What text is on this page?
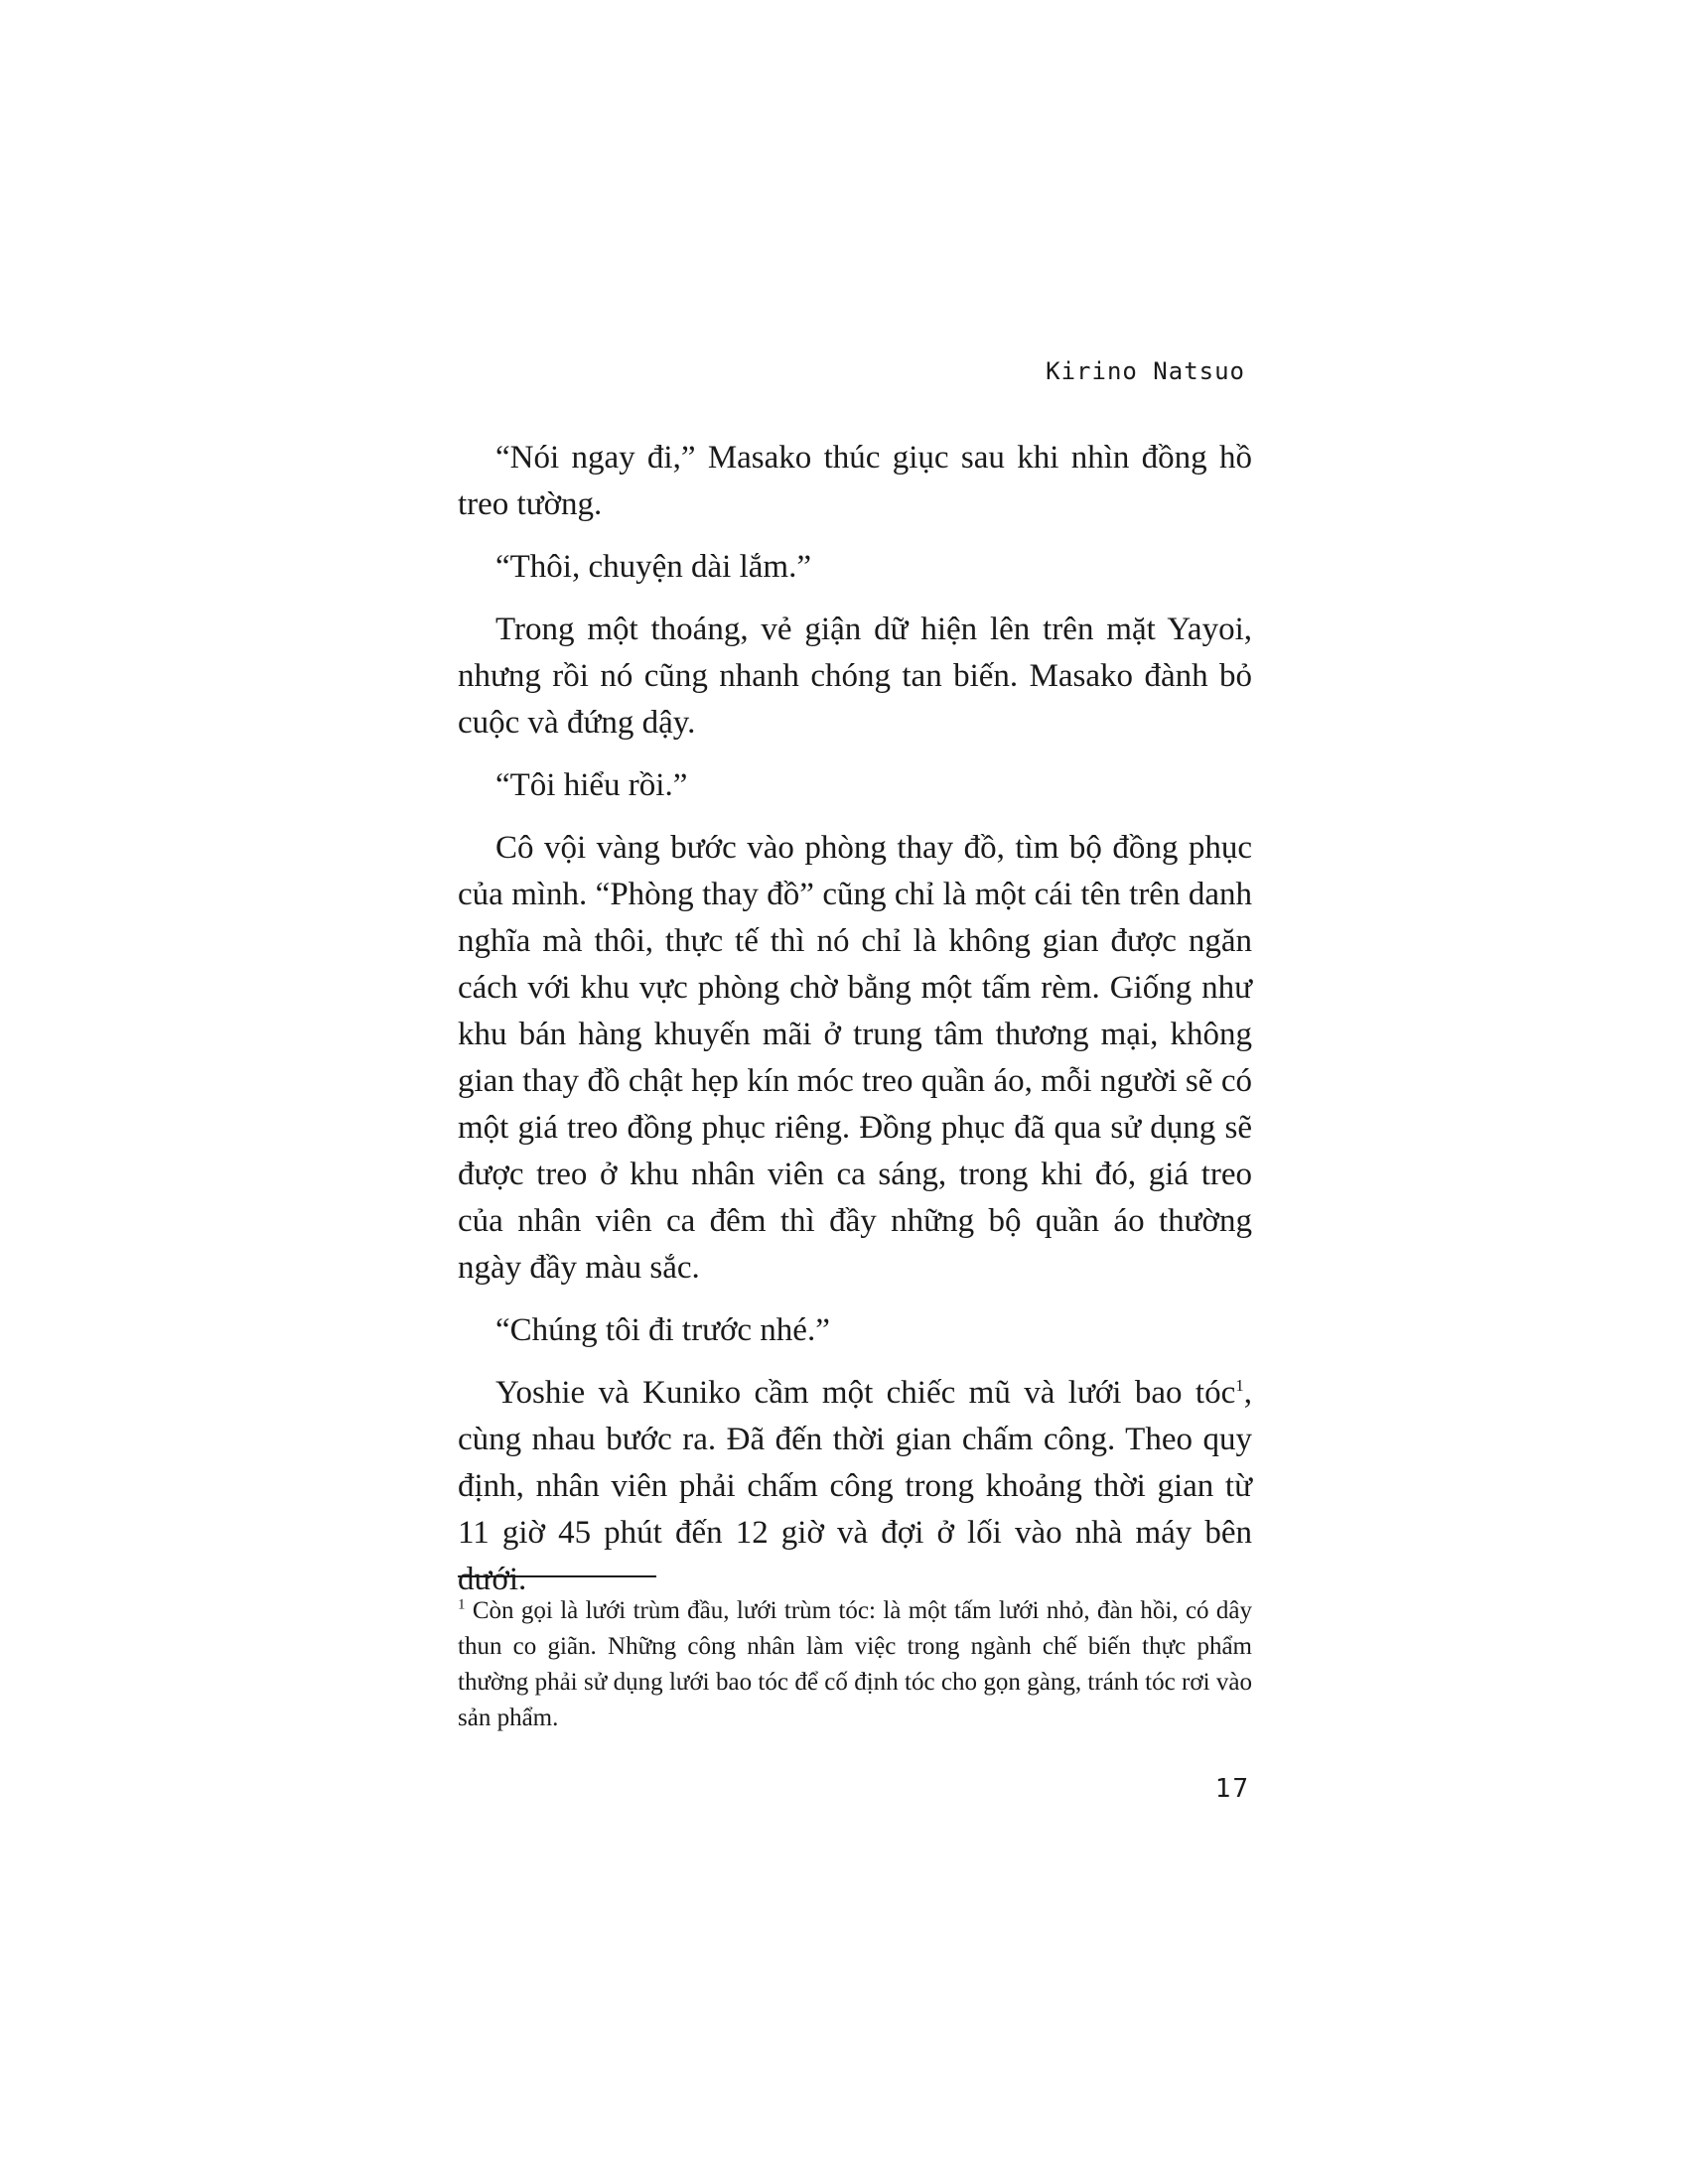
Kirino Natsuo

“Nói ngay đi,” Masako thúc giục sau khi nhìn đồng hồ treo tường.

“Thôi, chuyện dài lắm.”

Trong một thoáng, vẻ giận dữ hiện lên trên mặt Yayoi, nhưng rồi nó cũng nhanh chóng tan biến. Masako đành bỏ cuộc và đứng dậy.

“Tôi hiểu rồi.”

Cô vội vàng bước vào phòng thay đồ, tìm bộ đồng phục của mình. “Phòng thay đồ” cũng chỉ là một cái tên trên danh nghĩa mà thôi, thực tế thì nó chỉ là không gian được ngăn cách với khu vực phòng chờ bằng một tấm rèm. Giống như khu bán hàng khuyến mãi ở trung tâm thương mại, không gian thay đồ chật hẹp kín móc treo quần áo, mỗi người sẽ có một giá treo đồng phục riêng. Đồng phục đã qua sử dụng sẽ được treo ở khu nhân viên ca sáng, trong khi đó, giá treo của nhân viên ca đêm thì đầy những bộ quần áo thường ngày đầy màu sắc.

“Chúng tôi đi trước nhé.”

Yoshie và Kuniko cầm một chiếc mũ và lưới bao tóc$^1$, cùng nhau bước ra. Đã đến thời gian chấm công. Theo quy định, nhân viên phải chấm công trong khoảng thời gian từ 11 giờ 45 phút đến 12 giờ và đợi ở lối vào nhà máy bên dưới.

$^1$ Còn gọi là lưới trùm đầu, lưới trùm tóc: là một tấm lưới nhỏ, đàn hồi, có dây thun co giãn. Những công nhân làm việc trong ngành chế biến thực phẩm thường phải sử dụng lưới bao tóc để cố định tóc cho gọn gàng, tránh tóc rơi vào sản phẩm.
17
